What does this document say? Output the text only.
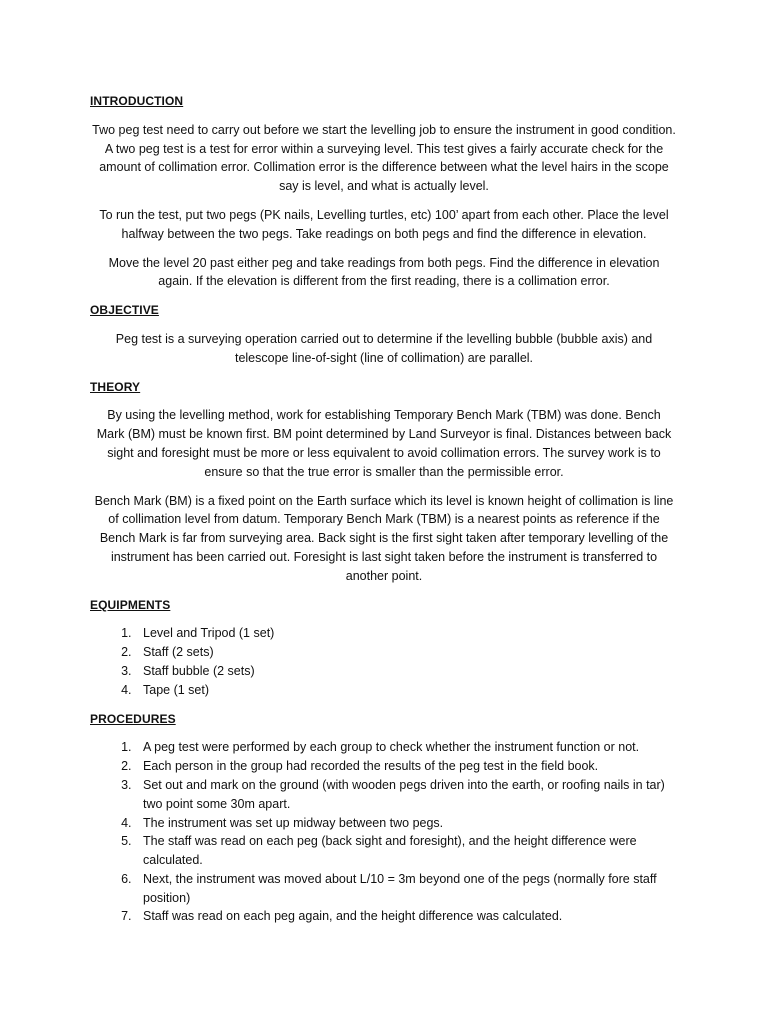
INTRODUCTION

Two peg test need to carry out before we start the levelling job to ensure the instrument in good condition. A two peg test is a test for error within a surveying level. This test gives a fairly accurate check for the amount of collimation error. Collimation error is the difference between what the level hairs in the scope say is level, and what is actually level.

To run the test, put two pegs (PK nails, Levelling turtles, etc) 100’ apart from each other. Place the level halfway between the two pegs. Take readings on both pegs and find the difference in elevation.

Move the level 20 past either peg and take readings from both pegs. Find the difference in elevation again. If the elevation is different from the first reading, there is a collimation error.

OBJECTIVE

Peg test is a surveying operation carried out to determine if the levelling bubble (bubble axis) and telescope line-of-sight (line of collimation) are parallel.

THEORY

By using the levelling method, work for establishing Temporary Bench Mark (TBM) was done. Bench Mark (BM) must be known first. BM point determined by Land Surveyor is final. Distances between back sight and foresight must be more or less equivalent to avoid collimation errors. The survey work is to ensure so that the true error is smaller than the permissible error.

Bench Mark (BM) is a fixed point on the Earth surface which its level is known height of collimation is line of collimation level from datum. Temporary Bench Mark (TBM) is a nearest points as reference if the Bench Mark is far from surveying area. Back sight is the first sight taken after temporary levelling of the instrument has been carried out. Foresight is last sight taken before the instrument is transferred to another point.

EQUIPMENTS
1. Level and Tripod (1 set)
2. Staff (2 sets)
3. Staff bubble (2 sets)
4. Tape (1 set)
PROCEDURES
1. A peg test were performed by each group to check whether the instrument function or not.
2. Each person in the group had recorded the results of the peg test in the field book.
3. Set out and mark on the ground (with wooden pegs driven into the earth, or roofing nails in tar) two point some 30m apart.
4. The instrument was set up midway between two pegs.
5. The staff was read on each peg (back sight and foresight), and the height difference were calculated.
6. Next, the instrument was moved about L/10 = 3m beyond one of the pegs (normally fore staff position)
7. Staff was read on each peg again, and the height difference was calculated.
